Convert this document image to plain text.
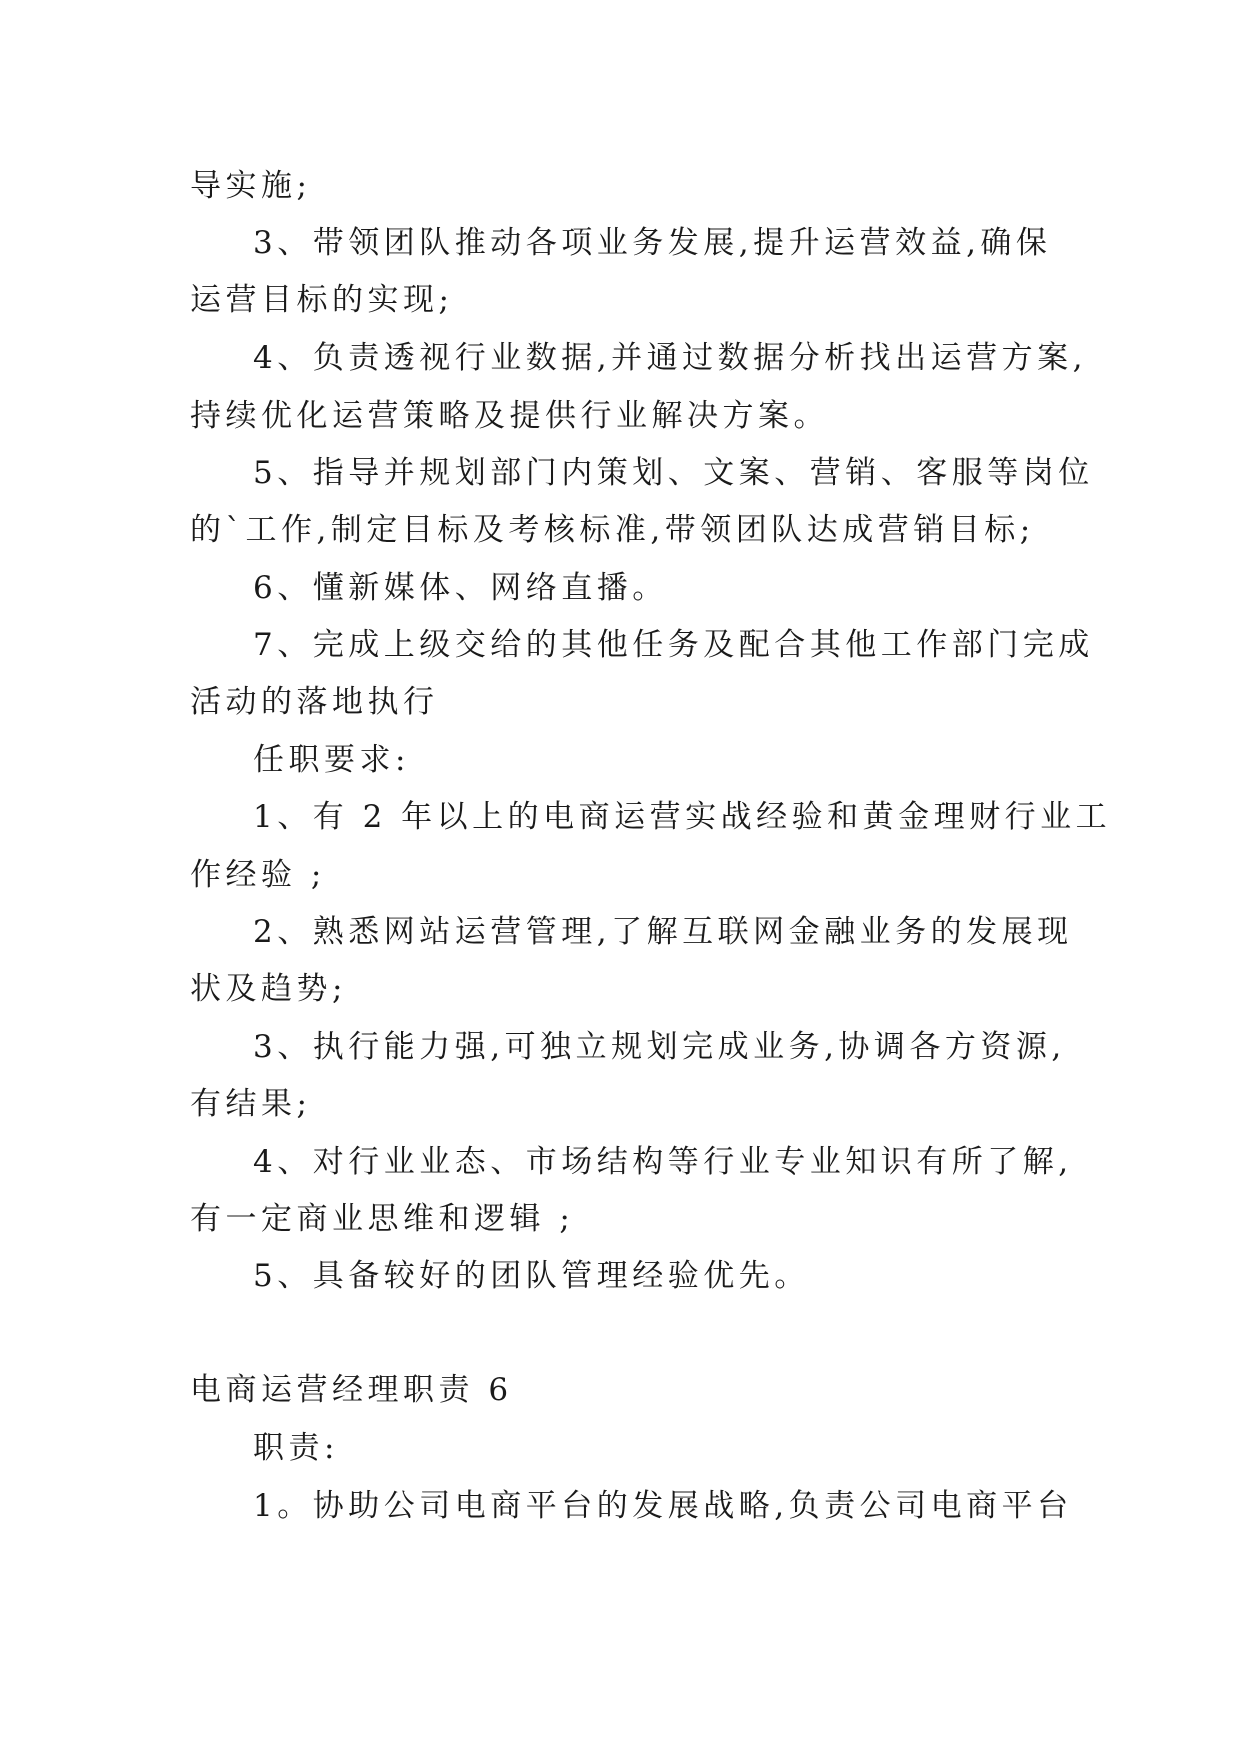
导实施;
3、带领团队推动各项业务发展,提升运营效益,确保
运营目标的实现;
4、负责透视行业数据,并通过数据分析找出运营方案,
持续优化运营策略及提供行业解决方案。
5、指导并规划部门内策划、文案、营销、客服等岗位
的`工作,制定目标及考核标准,带领团队达成营销目标;
6、懂新媒体、网络直播。
7、完成上级交给的其他任务及配合其他工作部门完成
活动的落地执行
任职要求:
1、有 2 年以上的电商运营实战经验和黄金理财行业工
作经验 ;
2、熟悉网站运营管理,了解互联网金融业务的发展现
状及趋势;
3、执行能力强,可独立规划完成业务,协调各方资源,
有结果;
4、对行业业态、市场结构等行业专业知识有所了解,
有一定商业思维和逻辑 ;
5、具备较好的团队管理经验优先。
电商运营经理职责 6
职责:
1。协助公司电商平台的发展战略,负责公司电商平台
